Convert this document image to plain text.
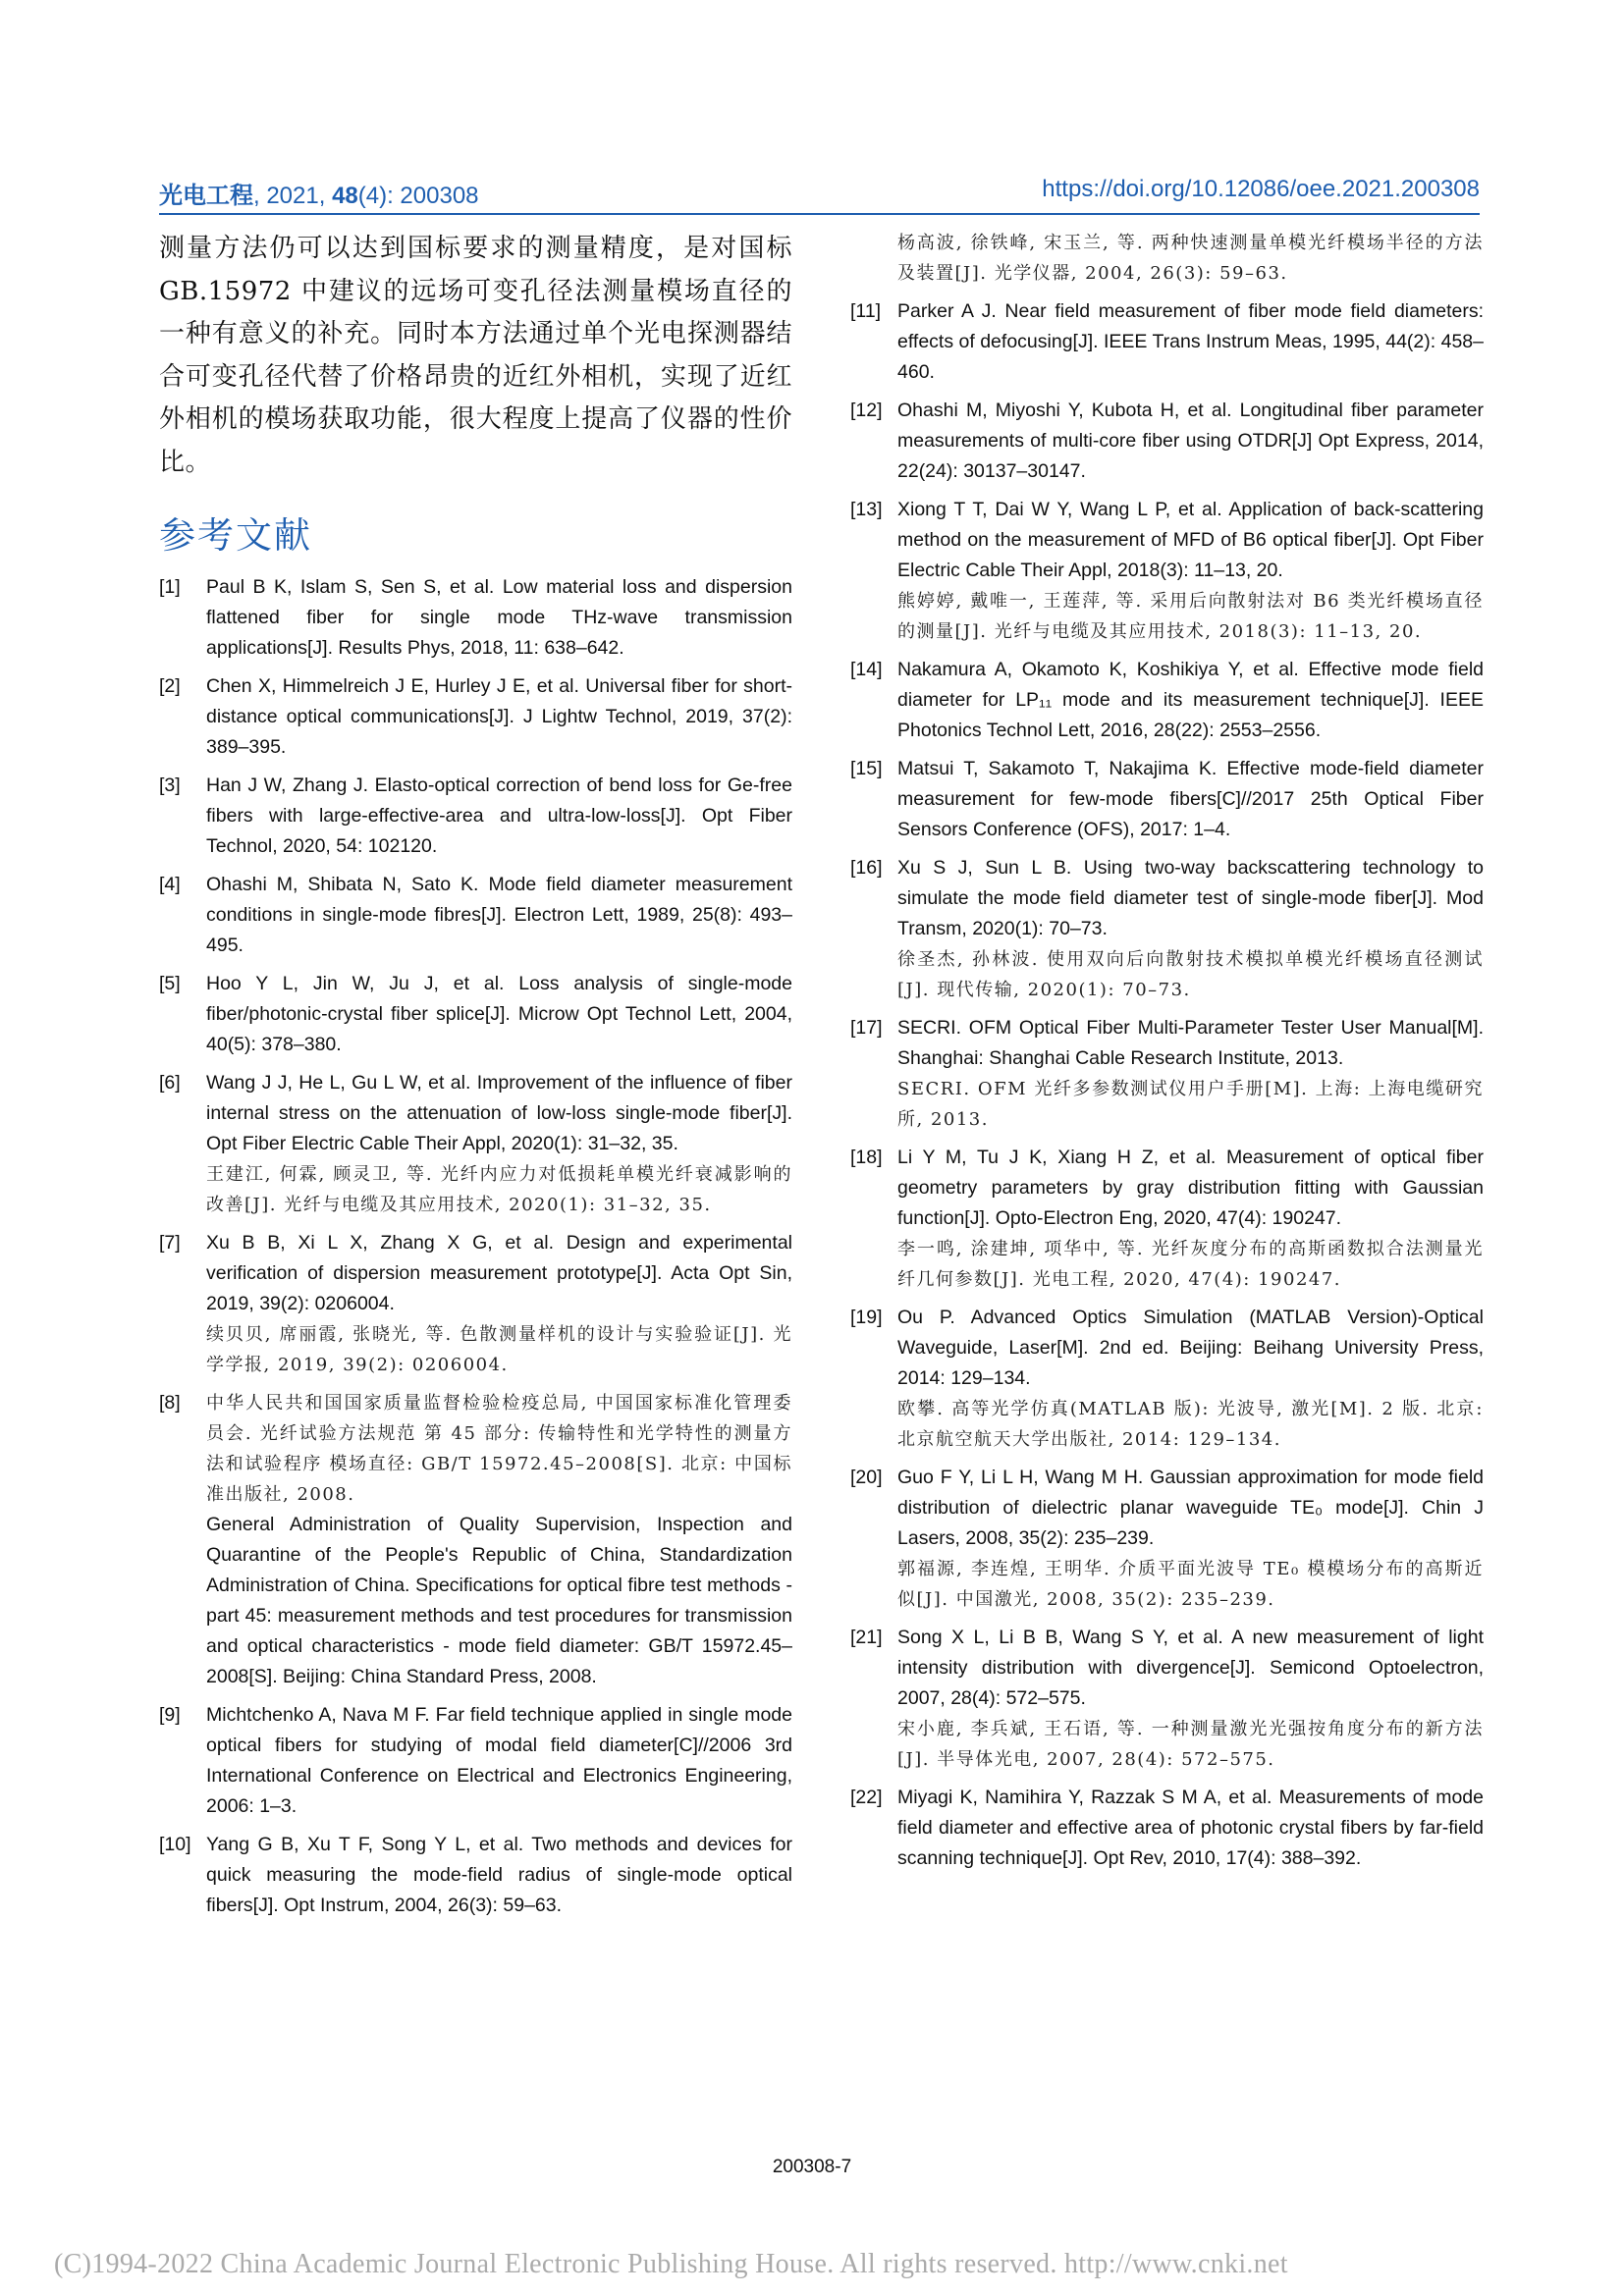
光电工程, 2021, 48(4): 200308	https://doi.org/10.12086/oee.2021.200308

测量方法仍可以达到国标要求的测量精度，是对国标GB.15972 中建议的远场可变孔径法测量模场直径的一种有意义的补充。同时本方法通过单个光电探测器结合可变孔径代替了价格昂贵的近红外相机，实现了近红外相机的模场获取功能，很大程度上提高了仪器的性价比。

参考文献
[1]	Paul B K, Islam S, Sen S, et al. Low material loss and dispersion flattened fiber for single mode THz-wave transmission applications[J]. Results Phys, 2018, 11: 638–642.
[2]	Chen X, Himmelreich J E, Hurley J E, et al. Universal fiber for short-distance optical communications[J]. J Lightw Technol, 2019, 37(2): 389–395.
[3]	Han J W, Zhang J. Elasto-optical correction of bend loss for Ge-free fibers with large-effective-area and ultra-low-loss[J]. Opt Fiber Technol, 2020, 54: 102120.
[4]	Ohashi M, Shibata N, Sato K. Mode field diameter measurement conditions in single-mode fibres[J]. Electron Lett, 1989, 25(8): 493–495.
[5]	Hoo Y L, Jin W, Ju J, et al. Loss analysis of single-mode fiber/photonic-crystal fiber splice[J]. Microw Opt Technol Lett, 2004, 40(5): 378–380.
[6]	Wang J J, He L, Gu L W, et al. Improvement of the influence of fiber internal stress on the attenuation of low-loss single-mode fiber[J]. Opt Fiber Electric Cable Their Appl, 2020(1): 31–32, 35.
王建江, 何霖, 顾灵卫, 等. 光纤内应力对低损耗单模光纤衰减影响的改善[J]. 光纤与电缆及其应用技术, 2020(1): 31–32, 35.
[7]	Xu B B, Xi L X, Zhang X G, et al. Design and experimental verification of dispersion measurement prototype[J]. Acta Opt Sin, 2019, 39(2): 0206004.
续贝贝, 席丽霞, 张晓光, 等. 色散测量样机的设计与实验验证[J]. 光学学报, 2019, 39(2): 0206004.
[8]	中华人民共和国国家质量监督检验检疫总局, 中国国家标准化管理委员会. 光纤试验方法规范 第 45 部分: 传输特性和光学特性的测量方法和试验程序 模场直径: GB/T 15972.45–2008[S]. 北京: 中国标准出版社, 2008.
General Administration of Quality Supervision, Inspection and Quarantine of the People's Republic of China, Standardization Administration of China. Specifications for optical fibre test methods - part 45: measurement methods and test procedures for transmission and optical characteristics - mode field diameter: GB/T 15972.45–2008[S]. Beijing: China Standard Press, 2008.
[9]	Michtchenko A, Nava M F. Far field technique applied in single mode optical fibers for studying of modal field diameter[C]//2006 3rd International Conference on Electrical and Electronics Engineering, 2006: 1–3.
[10] Yang G B, Xu T F, Song Y L, et al. Two methods and devices for quick measuring the mode-field radius of single-mode optical fibers[J]. Opt Instrum, 2004, 26(3): 59–63.
杨高波, 徐铁峰, 宋玉兰, 等. 两种快速测量单模光纤模场半径的方法及装置[J]. 光学仪器, 2004, 26(3): 59–63.
[11] Parker A J. Near field measurement of fiber mode field diameters: effects of defocusing[J]. IEEE Trans Instrum Meas, 1995, 44(2): 458–460.
[12] Ohashi M, Miyoshi Y, Kubota H, et al. Longitudinal fiber parameter measurements of multi-core fiber using OTDR[J] Opt Express, 2014, 22(24): 30137–30147.
[13] Xiong T T, Dai W Y, Wang L P, et al. Application of back-scattering method on the measurement of MFD of B6 optical fiber[J]. Opt Fiber Electric Cable Their Appl, 2018(3): 11–13, 20.
熊婷婷, 戴唯一, 王莲萍, 等. 采用后向散射法对 B6 类光纤模场直径的测量[J]. 光纤与电缆及其应用技术, 2018(3): 11–13, 20.
[14] Nakamura A, Okamoto K, Koshikiya Y, et al. Effective mode field diameter for LP₁₁ mode and its measurement technique[J]. IEEE Photonics Technol Lett, 2016, 28(22): 2553–2556.
[15] Matsui T, Sakamoto T, Nakajima K. Effective mode-field diameter measurement for few-mode fibers[C]//2017 25th Optical Fiber Sensors Conference (OFS), 2017: 1–4.
[16] Xu S J, Sun L B. Using two-way backscattering technology to simulate the mode field diameter test of single-mode fiber[J]. Mod Transm, 2020(1): 70–73.
徐圣杰, 孙林波. 使用双向后向散射技术模拟单模光纤模场直径测试[J]. 现代传输, 2020(1): 70–73.
[17] SECRI. OFM Optical Fiber Multi-Parameter Tester User Manual[M]. Shanghai: Shanghai Cable Research Institute, 2013.
SECRI. OFM 光纤多参数测试仪用户手册[M]. 上海: 上海电缆研究所, 2013.
[18] Li Y M, Tu J K, Xiang H Z, et al. Measurement of optical fiber geometry parameters by gray distribution fitting with Gaussian function[J]. Opto-Electron Eng, 2020, 47(4): 190247.
李一鸣, 涂建坤, 项华中, 等. 光纤灰度分布的高斯函数拟合法测量光纤几何参数[J]. 光电工程, 2020, 47(4): 190247.
[19] Ou P. Advanced Optics Simulation (MATLAB Version)-Optical Waveguide, Laser[M]. 2nd ed. Beijing: Beihang University Press, 2014: 129–134.
欧攀. 高等光学仿真(MATLAB 版): 光波导, 激光[M]. 2 版. 北京: 北京航空航天大学出版社, 2014: 129–134.
[20] Guo F Y, Li L H, Wang M H. Gaussian approximation for mode field distribution of dielectric planar waveguide TE₀ mode[J]. Chin J Lasers, 2008, 35(2): 235–239.
郭福源, 李连煌, 王明华. 介质平面光波导 TE₀ 模模场分布的高斯近似[J]. 中国激光, 2008, 35(2): 235–239.
[21] Song X L, Li B B, Wang S Y, et al. A new measurement of light intensity distribution with divergence[J]. Semicond Optoelectron, 2007, 28(4): 572–575.
宋小鹿, 李兵斌, 王石语, 等. 一种测量激光光强按角度分布的新方法[J]. 半导体光电, 2007, 28(4): 572–575.
[22] Miyagi K, Namihira Y, Razzak S M A, et al. Measurements of mode field diameter and effective area of photonic crystal fibers by far-field scanning technique[J]. Opt Rev, 2010, 17(4): 388–392.
200308-7
(C)1994-2022 China Academic Journal Electronic Publishing House. All rights reserved. http://www.cnki.net
